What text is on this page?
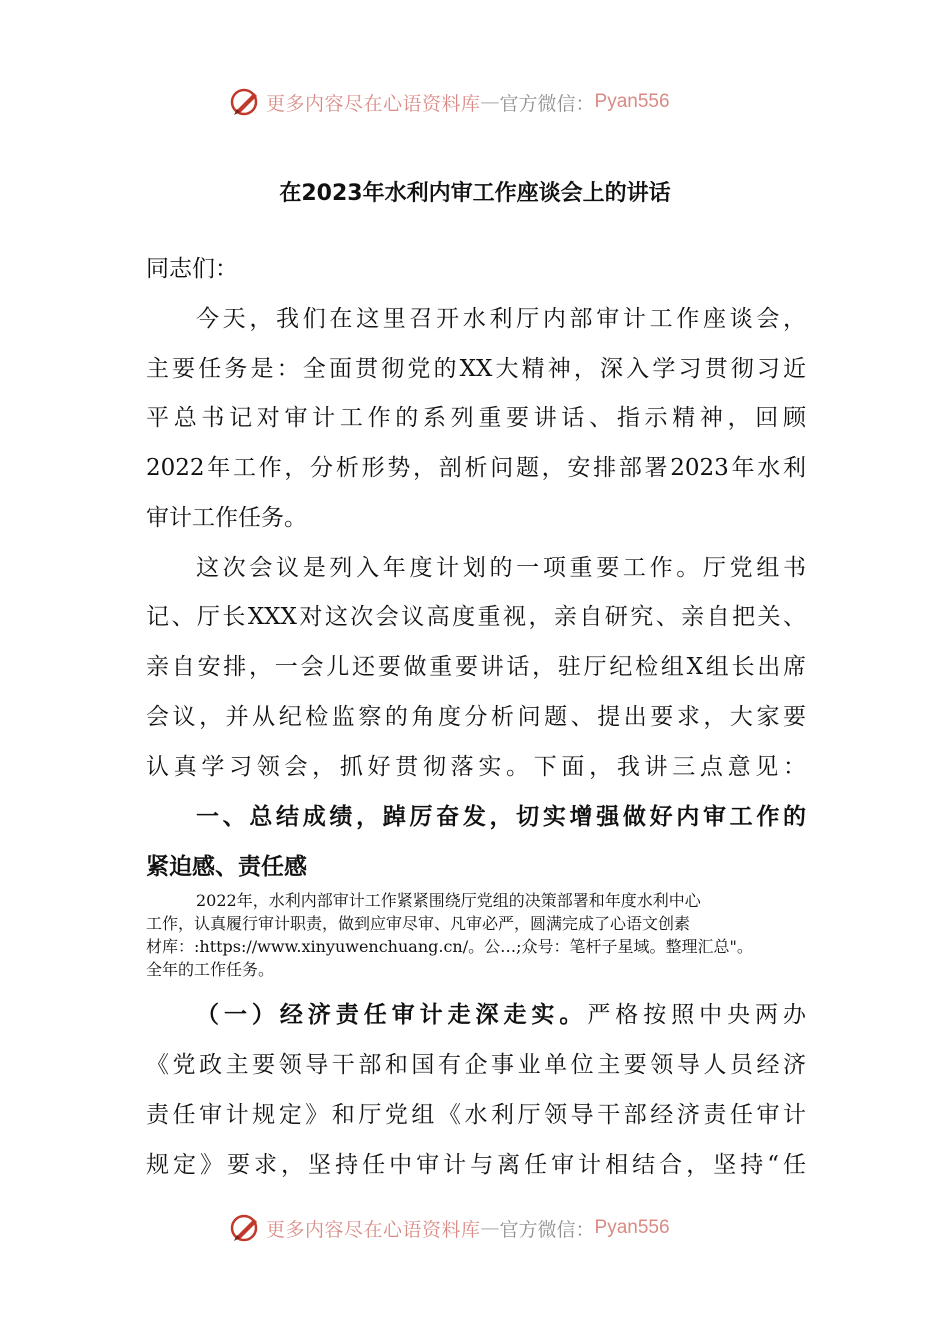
更多内容尽在心语资料库 — 官方微信： Pyan556
在2023年水利内审工作座谈会上的讲话
同志们：
今天，我们在这里召开水利厅内部审计工作座谈会，
主要任务是：全面贯彻党的XX大精神，深入学习贯彻习近
平总书记对审计工作的系列重要讲话、指示精神，回顾
2022年工作，分析形势，剖析问题，安排部署2023年水利
审计工作任务。
这次会议是列入年度计划的一项重要工作。厅党组书
记、厅长XXX对这次会议高度重视，亲自研究、亲自把关、
亲自安排，一会儿还要做重要讲话，驻厅纪检组X组长出席
会议，并从纪检监察的角度分析问题、提出要求，大家要
认真学习领会，抓好贯彻落实。下面，我讲三点意见：
一、总结成绩，踔厉奋发，切实增强做好内审工作的
紧迫感、责任感
2022年，水利内部审计工作紧紧围绕厅党组的决策部署和年度水利中心
工作，认真履行审计职责，做到应审尽审、凡审必严，圆满完成了心语文创素
材库：:https://www.xinyuwenchuang.cn/。公…;众号：笔杆子星域。整理汇总"。
全年的工作任务。
（一）经济责任审计走深走实。严格按照中央两办
《党政主要领导干部和国有企事业单位主要领导人员经济
责任审计规定》和厅党组《水利厅领导干部经济责任审计
规定》要求，坚持任中审计与离任审计相结合，坚持“任
更多内容尽在心语资料库 — 官方微信： Pyan556
